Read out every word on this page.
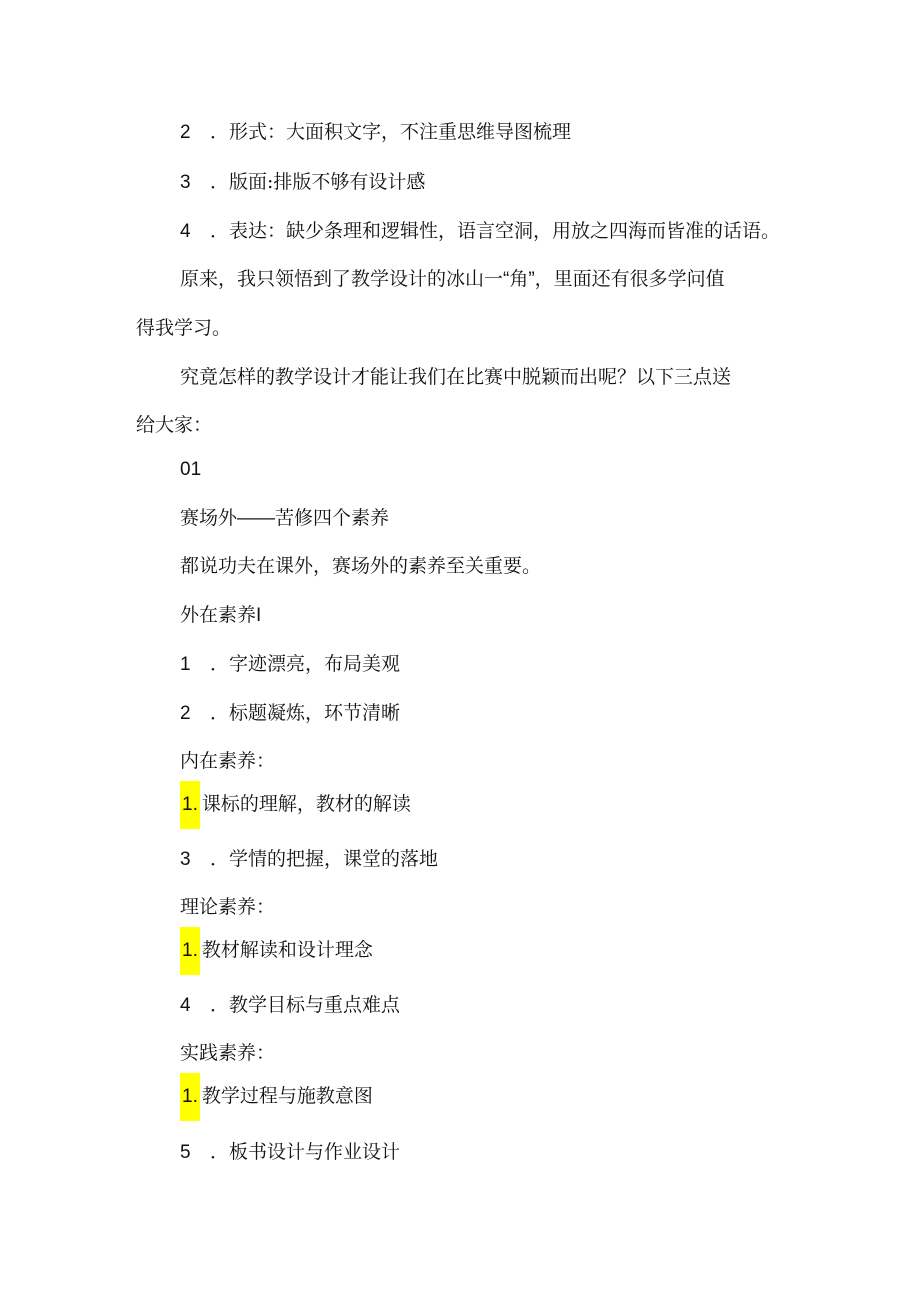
2 ．形式：大面积文字，不注重思维导图梳理
3 ．版面:排版不够有设计感
4 ．表达：缺少条理和逻辑性，语言空洞，用放之四海而皆准的话语。
原来，我只领悟到了教学设计的冰山一“角”，里面还有很多学问值
得我学习。
究竟怎样的教学设计才能让我们在比赛中脱颖而出呢？以下三点送
给大家：
01
赛场外——苦修四个素养
都说功夫在课外，赛场外的素养至关重要。
外在素养I
1 ．字迹漂亮，布局美观
2 ．标题凝炼，环节清晰
内在素养：
1. 课标的理解，教材的解读
3 ．学情的把握，课堂的落地
理论素养：
1. 教材解读和设计理念
4 ．教学目标与重点难点
实践素养：
1. 教学过程与施教意图
5 ．板书设计与作业设计
